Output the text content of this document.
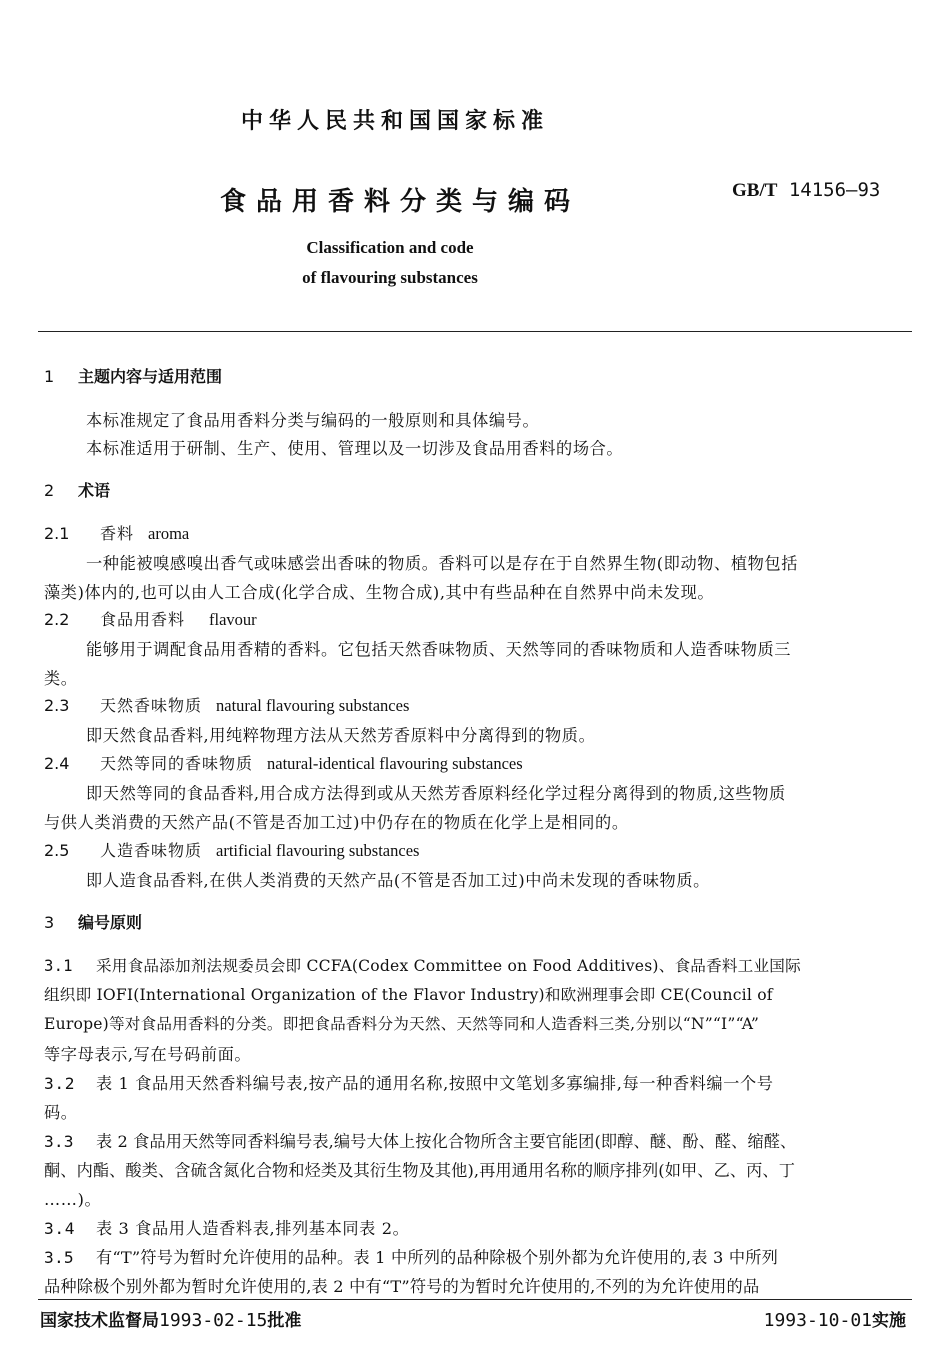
中华人民共和国国家标准
食品用香料分类与编码	GB/T 14156—93
Classification and code
of flavouring substances
1 主题内容与适用范围
本标准规定了食品用香料分类与编码的一般原则和具体编号。
本标准适用于研制、生产、使用、管理以及一切涉及食品用香料的场合。
2 术语
2.1 香料 aroma
一种能被嗅感嗅出香气或味感尝出香味的物质。香料可以是存在于自然界生物(即动物、植物包括
藻类)体内的,也可以由人工合成(化学合成、生物合成),其中有些品种在自然界中尚未发现。
2.2 食品用香料 flavour
能够用于调配食品用香精的香料。它包括天然香味物质、天然等同的香味物质和人造香味物质三
类。
2.3 天然香味物质 natural flavouring substances
即天然食品香料,用纯粹物理方法从天然芳香原料中分离得到的物质。
2.4 天然等同的香味物质 natural-identical flavouring substances
即天然等同的食品香料,用合成方法得到或从天然芳香原料经化学过程分离得到的物质,这些物质
与供人类消费的天然产品(不管是否加工过)中仍存在的物质在化学上是相同的。
2.5 人造香味物质 artificial flavouring substances
即人造食品香料,在供人类消费的天然产品(不管是否加工过)中尚未发现的香味物质。
3 编号原则
3.1 采用食品添加剂法规委员会即 CCFA(Codex Committee on Food Additives)、食品香料工业国际
组织即 IOFI(International Organization of the Flavor Industry)和欧洲理事会即 CE(Council of
Europe)等对食品用香料的分类。即把食品香料分为天然、天然等同和人造香料三类,分别以“N”“I”“A”
等字母表示,写在号码前面。
3.2 表 1 食品用天然香料编号表,按产品的通用名称,按照中文笔划多寡编排,每一种香料编一个号
码。
3.3 表 2 食品用天然等同香料编号表,编号大体上按化合物所含主要官能团(即醇、醚、酚、醛、缩醛、
酮、内酯、酸类、含硫含氮化合物和烃类及其衍生物及其他),再用通用名称的顺序排列(如甲、乙、丙、丁
……)。
3.4 表 3 食品用人造香料表,排列基本同表 2。
3.5 有“T”符号为暂时允许使用的品种。表 1 中所列的品种除极个别外都为允许使用的,表 3 中所列
品种除极个别外都为暂时允许使用的,表 2 中有“T”符号的为暂时允许使用的,不列的为允许使用的品
国家技术监督局1993-02-15批准	1993-10-01实施
